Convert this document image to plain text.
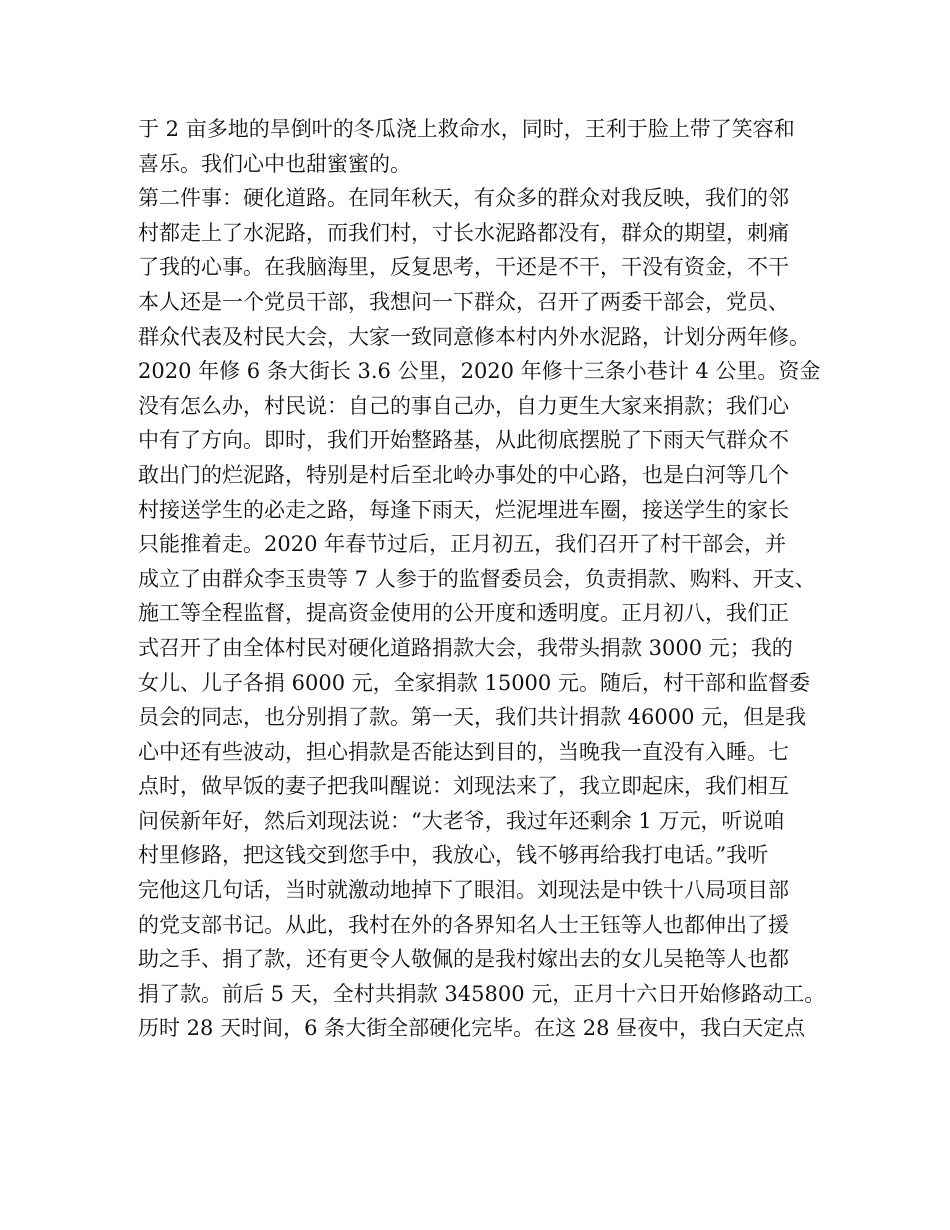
于 2 亩多地的旱倒叶的冬瓜浇上救命水，同时，王利于脸上带了笑容和
喜乐。我们心中也甜蜜蜜的。
第二件事：硬化道路。在同年秋天，有众多的群众对我反映，我们的邻
村都走上了水泥路，而我们村，寸长水泥路都没有，群众的期望，刺痛
了我的心事。在我脑海里，反复思考，干还是不干，干没有资金，不干
本人还是一个党员干部，我想问一下群众，召开了两委干部会，党员、
群众代表及村民大会，大家一致同意修本村内外水泥路，计划分两年修。
2020 年修 6 条大街长 3.6 公里，2020 年修十三条小巷计 4 公里。资金
没有怎么办，村民说：自己的事自己办，自力更生大家来捐款；我们心
中有了方向。即时，我们开始整路基，从此彻底摆脱了下雨天气群众不
敢出门的烂泥路，特别是村后至北岭办事处的中心路，也是白河等几个
村接送学生的必走之路，每逢下雨天，烂泥埋进车圈，接送学生的家长
只能推着走。2020 年春节过后，正月初五，我们召开了村干部会，并
成立了由群众李玉贵等 7 人参于的监督委员会，负责捐款、购料、开支、
施工等全程监督，提高资金使用的公开度和透明度。正月初八，我们正
式召开了由全体村民对硬化道路捐款大会，我带头捐款 3000 元；我的
女儿、儿子各捐 6000 元，全家捐款 15000 元。随后，村干部和监督委
员会的同志，也分别捐了款。第一天，我们共计捐款 46000 元，但是我
心中还有些波动，担心捐款是否能达到目的，当晚我一直没有入睡。七
点时，做早饭的妻子把我叫醒说：刘现法来了，我立即起床，我们相互
问侯新年好，然后刘现法说：“大老爷，我过年还剩余 1 万元，听说咱
村里修路，把这钱交到您手中，我放心，钱不够再给我打电话。”我听
完他这几句话，当时就激动地掉下了眼泪。刘现法是中铁十八局项目部
的党支部书记。从此，我村在外的各界知名人士王钰等人也都伸出了援
助之手、捐了款，还有更令人敬佩的是我村嫁出去的女儿吴艳等人也都
捐了款。前后 5 天，全村共捐款 345800 元，正月十六日开始修路动工。
历时 28 天时间，6 条大街全部硬化完毕。在这 28 昼夜中，我白天定点
